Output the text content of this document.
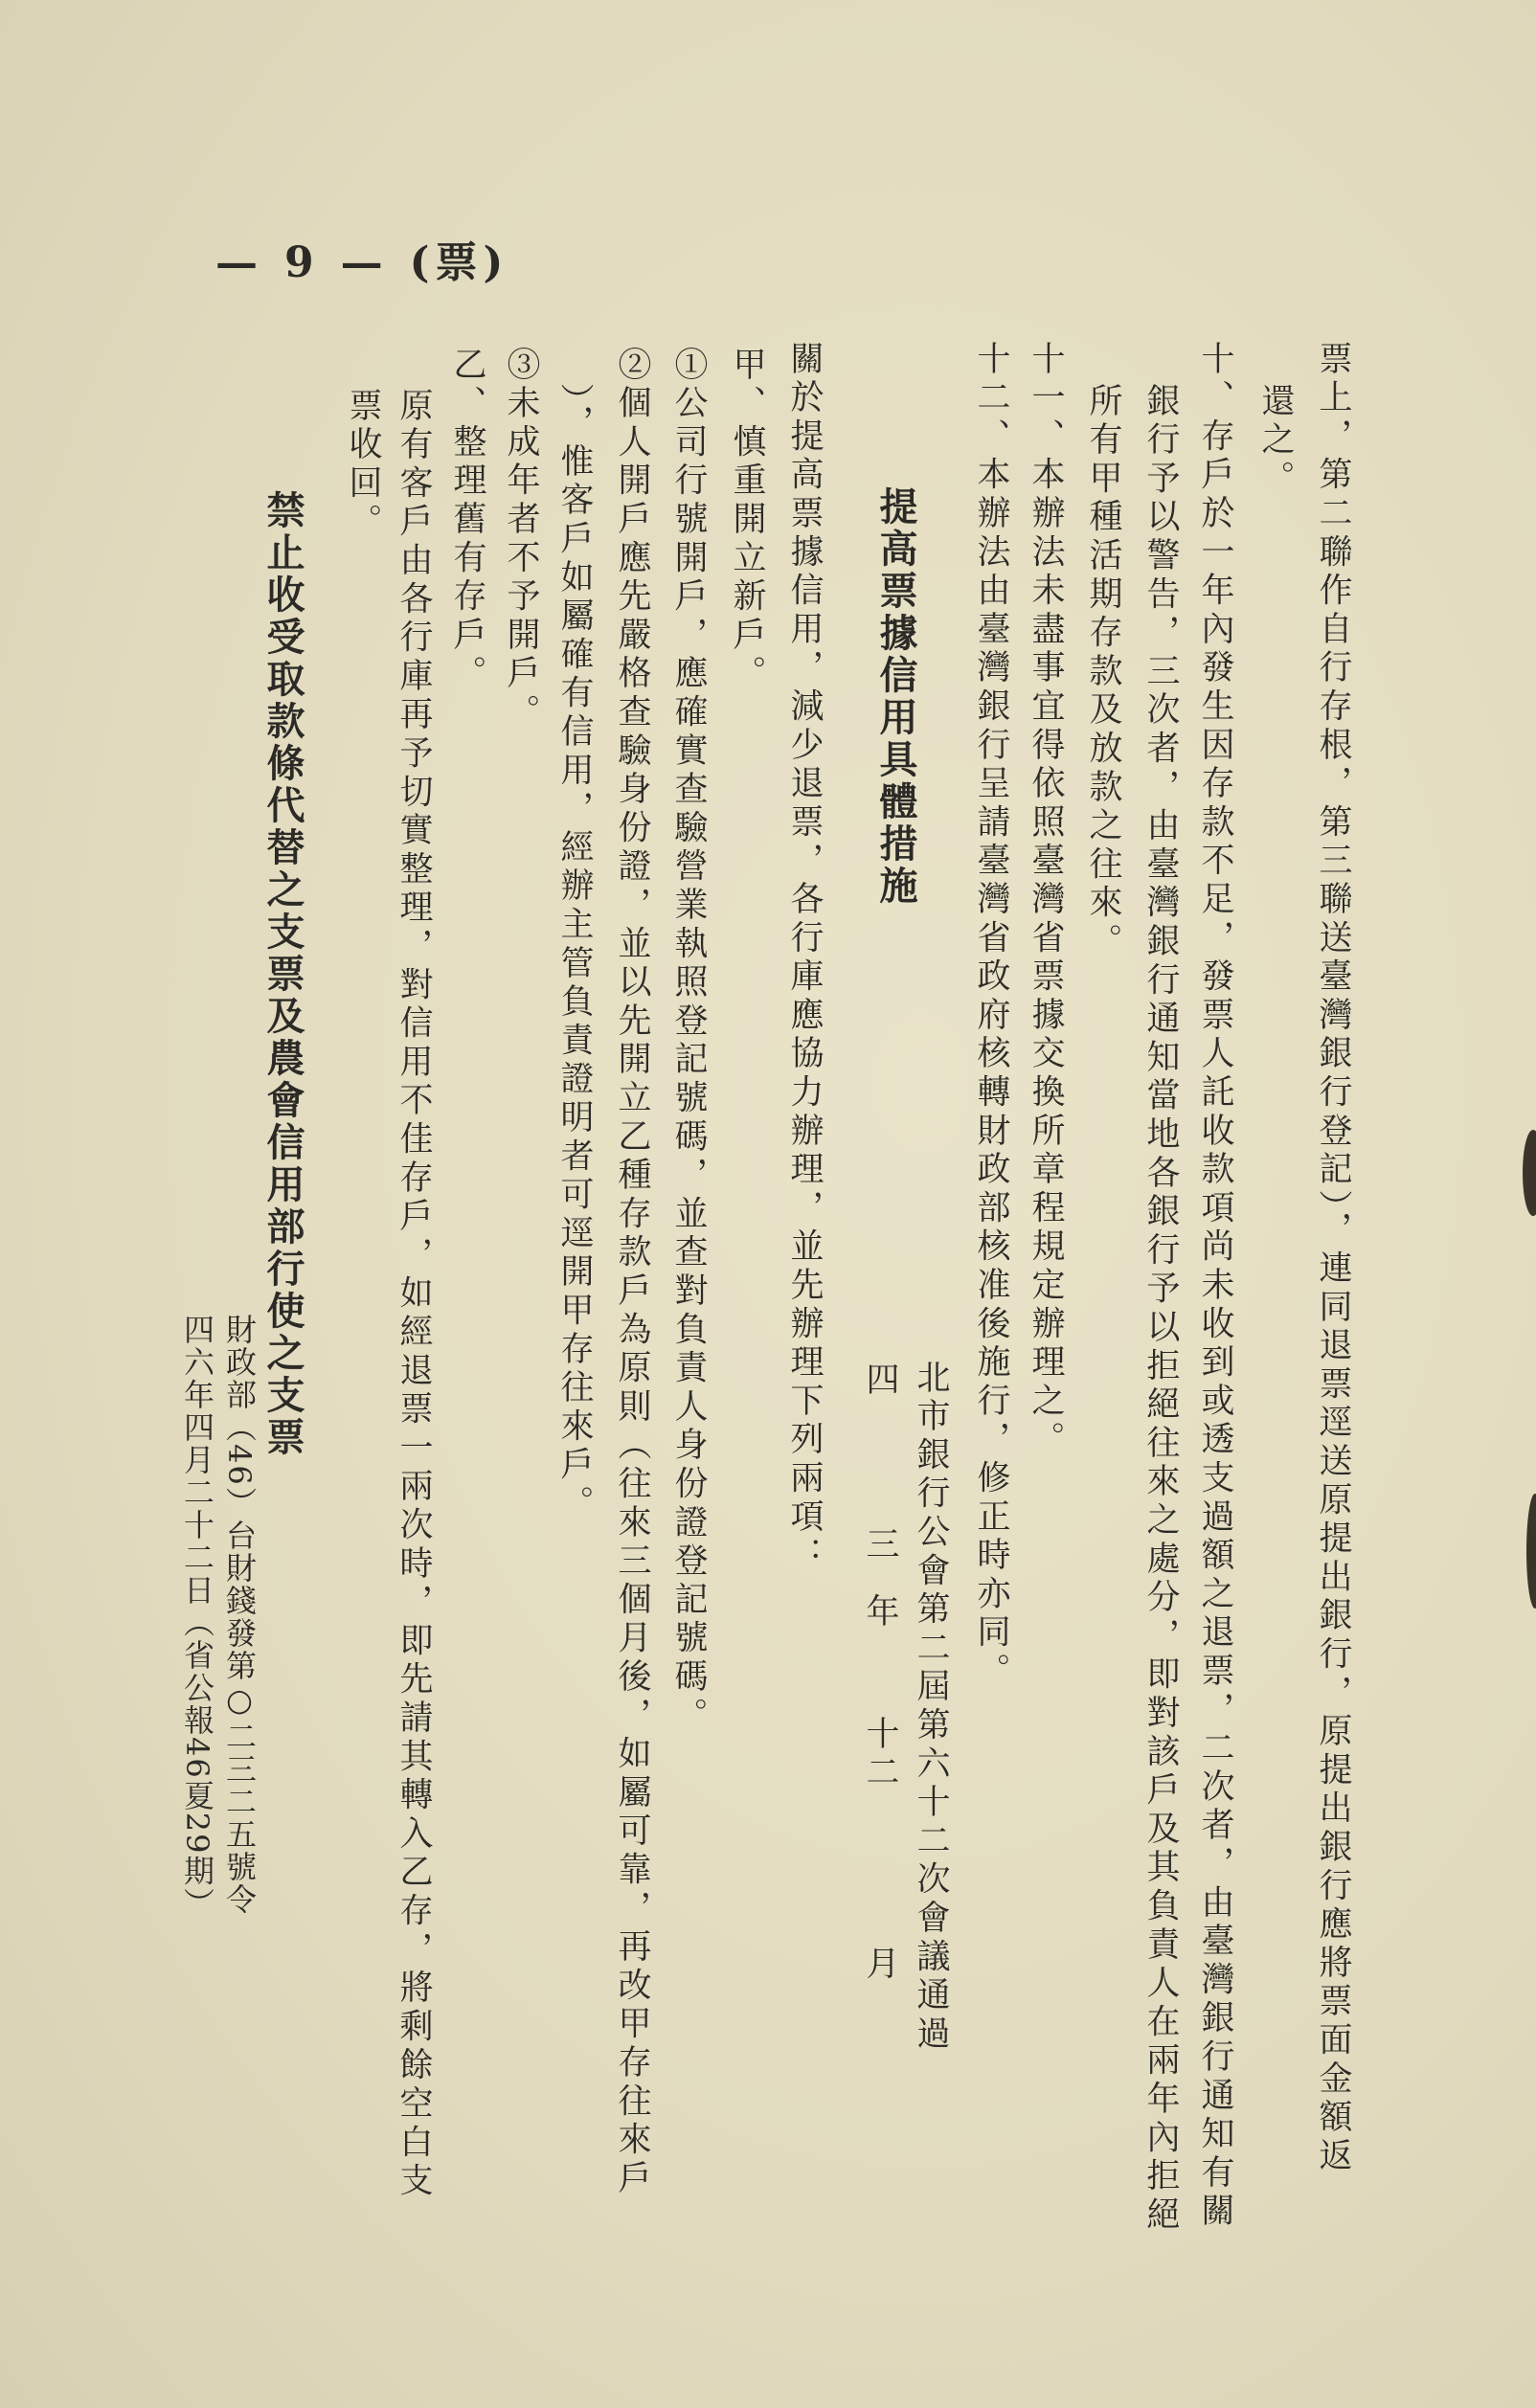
— 9 — (票)
票上，第二聯作自行存根，第三聯送臺灣銀行登記），連同退票逕送原提出銀行，原提出銀行應將票面金額返
還之。
十、存戶於一年內發生因存款不足，發票人託收款項尚未收到或透支過額之退票，二次者，由臺灣銀行通知有關
銀行予以警告，三次者，由臺灣銀行通知當地各銀行予以拒絕往來之處分，即對該戶及其負責人在兩年內拒絕
所有甲種活期存款及放款之往來。
十一、本辦法未盡事宜得依照臺灣省票據交換所章程規定辦理之。
十二、本辦法由臺灣銀行呈請臺灣省政府核轉財政部核准後施行，修正時亦同。
北市銀行公會第二屆第六十二次會議通過
四
三
年
十
二
月
提高票據信用具體措施
關於提高票據信用，減少退票，各行庫應協力辦理，並先辦理下列兩項：
甲、慎重開立新戶。
①公司行號開戶，應確實查驗營業執照登記號碼，並查對負責人身份證登記號碼。
②個人開戶應先嚴格查驗身份證，並以先開立乙種存款戶為原則（往來三個月後，如屬可靠，再改甲存往來戶
），惟客戶如屬確有信用，經辦主管負責證明者可逕開甲存往來戶。
③未成年者不予開戶。
乙、整理舊有存戶。
原有客戶由各行庫再予切實整理，對信用不佳存戶，如經退票一兩次時，即先請其轉入乙存，將剩餘空白支
票收回。
禁止收受取款條代替之支票及農會信用部行使之支票
財政部（46）台財錢發第○二三二五號令
四六年四月二十二日（省公報46夏29期）
